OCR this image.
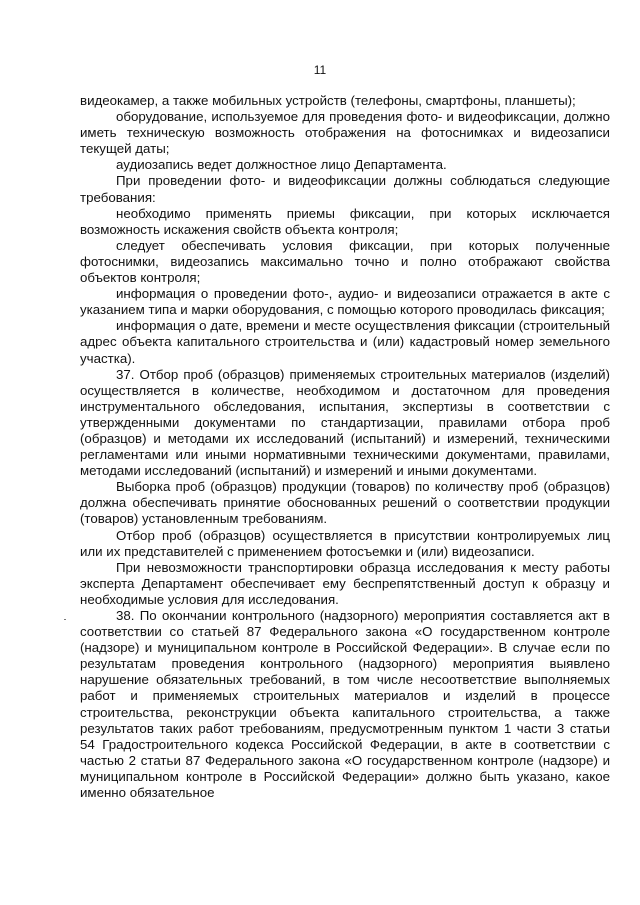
11

видеокамер, а также мобильных устройств (телефоны, смартфоны, планшеты);

оборудование, используемое для проведения фото- и видеофиксации, должно иметь техническую возможность отображения на фотоснимках и видеозаписи текущей даты;

аудиозапись ведет должностное лицо Департамента.

При проведении фото- и видеофиксации должны соблюдаться следующие требования:

необходимо применять приемы фиксации, при которых исключается возможность искажения свойств объекта контроля;

следует обеспечивать условия фиксации, при которых полученные фотоснимки, видеозапись максимально точно и полно отображают свойства объектов контроля;

информация о проведении фото-, аудио- и видеозаписи отражается в акте с указанием типа и марки оборудования, с помощью которого проводилась фиксация;

информация о дате, времени и месте осуществления фиксации (строительный адрес объекта капитального строительства и (или) кадастровый номер земельного участка).

37. Отбор проб (образцов) применяемых строительных материалов (изделий) осуществляется в количестве, необходимом и достаточном для проведения инструментального обследования, испытания, экспертизы в соответствии с утвержденными документами по стандартизации, правилами отбора проб (образцов) и методами их исследований (испытаний) и измерений, техническими регламентами или иными нормативными техническими документами, правилами, методами исследований (испытаний) и измерений и иными документами.

Выборка проб (образцов) продукции (товаров) по количеству проб (образцов) должна обеспечивать принятие обоснованных решений о соответствии продукции (товаров) установленным требованиям.

Отбор проб (образцов) осуществляется в присутствии контролируемых лиц или их представителей с применением фотосъемки и (или) видеозаписи.

При невозможности транспортировки образца исследования к месту работы эксперта Департамент обеспечивает ему беспрепятственный доступ к образцу и необходимые условия для исследования.

38. По окончании контрольного (надзорного) мероприятия составляется акт в соответствии со статьей 87 Федерального закона «О государственном контроле (надзоре) и муниципальном контроле в Российской Федерации». В случае если по результатам проведения контрольного (надзорного) мероприятия выявлено нарушение обязательных требований, в том числе несоответствие выполняемых работ и применяемых строительных материалов и изделий в процессе строительства, реконструкции объекта капитального строительства, а также результатов таких работ требованиям, предусмотренным пунктом 1 части 3 статьи 54 Градостроительного кодекса Российской Федерации, в акте в соответствии с частью 2 статьи 87 Федерального закона «О государственном контроле (надзоре) и муниципальном контроле в Российской Федерации» должно быть указано, какое именно обязательное
